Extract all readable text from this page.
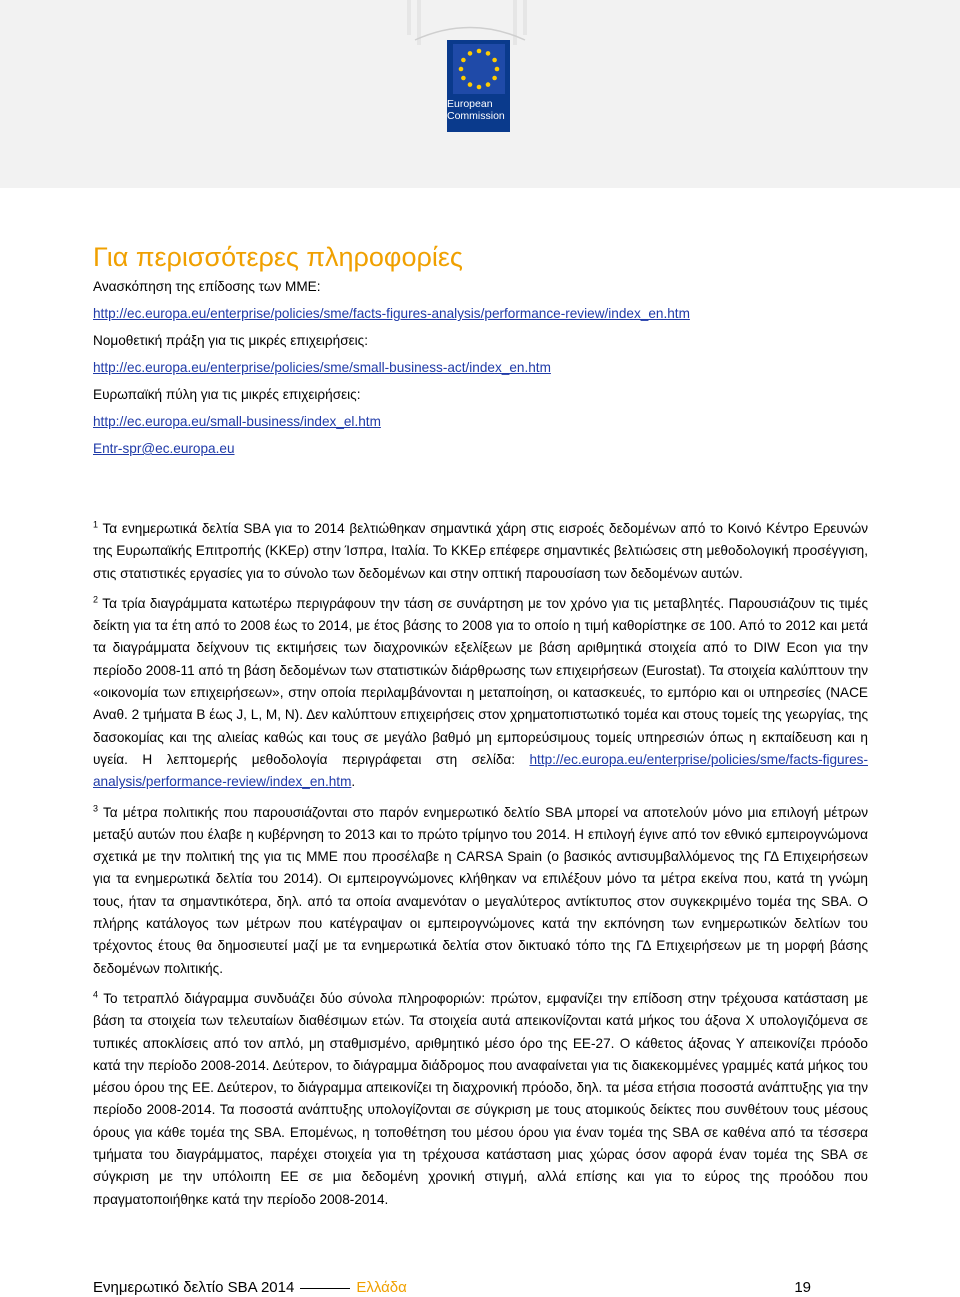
European
Commission
Για περισσότερες πληροφορίες
Ανασκόπηση της επίδοσης των ΜΜΕ:
http://ec.europa.eu/enterprise/policies/sme/facts-figures-analysis/performance-review/index_en.htm
Νομοθετική πράξη για τις μικρές επιχειρήσεις:
http://ec.europa.eu/enterprise/policies/sme/small-business-act/index_en.htm
Ευρωπαϊκή πύλη για τις μικρές επιχειρήσεις:
http://ec.europa.eu/small-business/index_el.htm
Entr-spr@ec.europa.eu

$^1$ Τα ενημερωτικά δελτία SBA για το 2014 βελτιώθηκαν σημαντικά χάρη στις εισροές δεδομένων από το Κοινό Κέντρο Ερευνών της Ευρωπαϊκής Επιτροπής (ΚΚΕρ) στην Ίσπρα, Ιταλία. Το ΚΚΕρ επέφερε σημαντικές βελτιώσεις στη μεθοδολογική προσέγγιση, στις στατιστικές εργασίες για το σύνολο των δεδομένων και στην οπτική παρουσίαση των δεδομένων αυτών.

$^2$ Τα τρία διαγράμματα κατωτέρω περιγράφουν την τάση σε συνάρτηση με τον χρόνο για τις μεταβλητές. Παρουσιάζουν τις τιμές δείκτη για τα έτη από το 2008 έως το 2014, με έτος βάσης το 2008 για το οποίο η τιμή καθορίστηκε σε 100. Από το 2012 και μετά τα διαγράμματα δείχνουν τις εκτιμήσεις των διαχρονικών εξελίξεων με βάση αριθμητικά στοιχεία από το DIW Econ για την περίοδο 2008-11 από τη βάση δεδομένων των στατιστικών διάρθρωσης των επιχειρήσεων (Eurostat). Τα στοιχεία καλύπτουν την «οικονομία των επιχειρήσεων», στην οποία περιλαμβάνονται η μεταποίηση, οι κατασκευές, το εμπόριο και οι υπηρεσίες (NACE Αναθ. 2 τμήματα Β έως J, L, M, N). Δεν καλύπτουν επιχειρήσεις στον χρηματοπιστωτικό τομέα και στους τομείς της γεωργίας, της δασοκομίας και της αλιείας καθώς και τους σε μεγάλο βαθμό μη εμπορεύσιμους τομείς υπηρεσιών όπως η εκπαίδευση και η υγεία. Η λεπτομερής μεθοδολογία περιγράφεται στη σελίδα: http://ec.europa.eu/enterprise/policies/sme/facts-figures-analysis/performance-review/index_en.htm.

$^3$ Τα μέτρα πολιτικής που παρουσιάζονται στο παρόν ενημερωτικό δελτίο SBA μπορεί να αποτελούν μόνο μια επιλογή μέτρων μεταξύ αυτών που έλαβε η κυβέρνηση το 2013 και το πρώτο τρίμηνο του 2014. Η επιλογή έγινε από τον εθνικό εμπειρογνώμονα σχετικά με την πολιτική της για τις ΜΜΕ που προσέλαβε η CARSA Spain (ο βασικός αντισυμβαλλόμενος της ΓΔ Επιχειρήσεων για τα ενημερωτικά δελτία του 2014). Οι εμπειρογνώμονες κλήθηκαν να επιλέξουν μόνο τα μέτρα εκείνα που, κατά τη γνώμη τους, ήταν τα σημαντικότερα, δηλ. από τα οποία αναμενόταν ο μεγαλύτερος αντίκτυπος στον συγκεκριμένο τομέα της SBA. Ο πλήρης κατάλογος των μέτρων που κατέγραψαν οι εμπειρογνώμονες κατά την εκπόνηση των ενημερωτικών δελτίων του τρέχοντος έτους θα δημοσιευτεί μαζί με τα ενημερωτικά δελτία στον δικτυακό τόπο της ΓΔ Επιχειρήσεων με τη μορφή βάσης δεδομένων πολιτικής.

$^4$ Το τετραπλό διάγραμμα συνδυάζει δύο σύνολα πληροφοριών: πρώτον, εμφανίζει την επίδοση στην τρέχουσα κατάσταση με βάση τα στοιχεία των τελευταίων διαθέσιμων ετών. Τα στοιχεία αυτά απεικονίζονται κατά μήκος του άξονα Χ υπολογιζόμενα σε τυπικές αποκλίσεις από τον απλό, μη σταθμισμένο, αριθμητικό μέσο όρο της ΕΕ-27. Ο κάθετος άξονας Υ απεικονίζει πρόοδο κατά την περίοδο 2008-2014. Δεύτερον, το διάγραμμα διάδρομος που αναφαίνεται για τις διακεκομμένες γραμμές κατά μήκος του μέσου όρου της ΕΕ. Δεύτερον, το διάγραμμα απεικονίζει τη διαχρονική πρόοδο, δηλ. τα μέσα ετήσια ποσοστά ανάπτυξης για την περίοδο 2008-2014. Τα ποσοστά ανάπτυξης υπολογίζονται σε σύγκριση με τους ατομικούς δείκτες που συνθέτουν τους μέσους όρους για κάθε τομέα της SBA. Επομένως, η τοποθέτηση του μέσου όρου για έναν τομέα της SBA σε καθένα από τα τέσσερα τμήματα του διαγράμματος, παρέχει στοιχεία για τη τρέχουσα κατάσταση μιας χώρας όσον αφορά έναν τομέα της SBA σε σύγκριση με την υπόλοιπη ΕΕ σε μια δεδομένη χρονική στιγμή, αλλά επίσης και για το εύρος της προόδου που πραγματοποιήθηκε κατά την περίοδο 2008-2014.

Ενημερωτικό δελτίο SBA 2014	Ελλάδα	19
